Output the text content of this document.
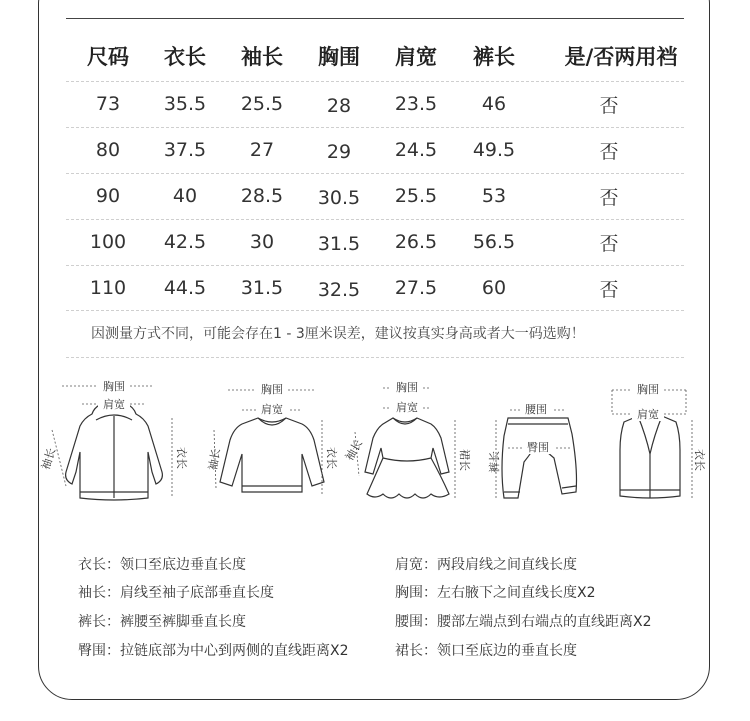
尺码 衣长 袖长 胸围 肩宽 裤长 是/否两用裆
73 35.5 25.5 28 23.5 46	否
80 37.5 27	29 24.5 49.5	否
90	40 28.5 30.5 25.5 53	否
100 42.5 30 31.5 26.5 56.5	否
110 44.5 31.5 32.5 27.5 60	否
因测量方式不同，可能会存在1 - 3厘米误差，建议按真实身高或者大一码选购！
胸围
肩宽
袖长	衣长
胸围
肩宽
袖长	衣长
胸围
肩宽
袖长	裙长
腰围
臀围
裤长
胸围
肩宽
衣长
衣长：领口至底边垂直长度
袖长：肩线至袖子底部垂直长度
裤长：裤腰至裤脚垂直长度
臀围：拉链底部为中心到两侧的直线距离X2
肩宽：两段肩线之间直线长度
胸围：左右腋下之间直线长度X2
腰围：腰部左端点到右端点的直线距离X2
裙长：领口至底边的垂直长度
